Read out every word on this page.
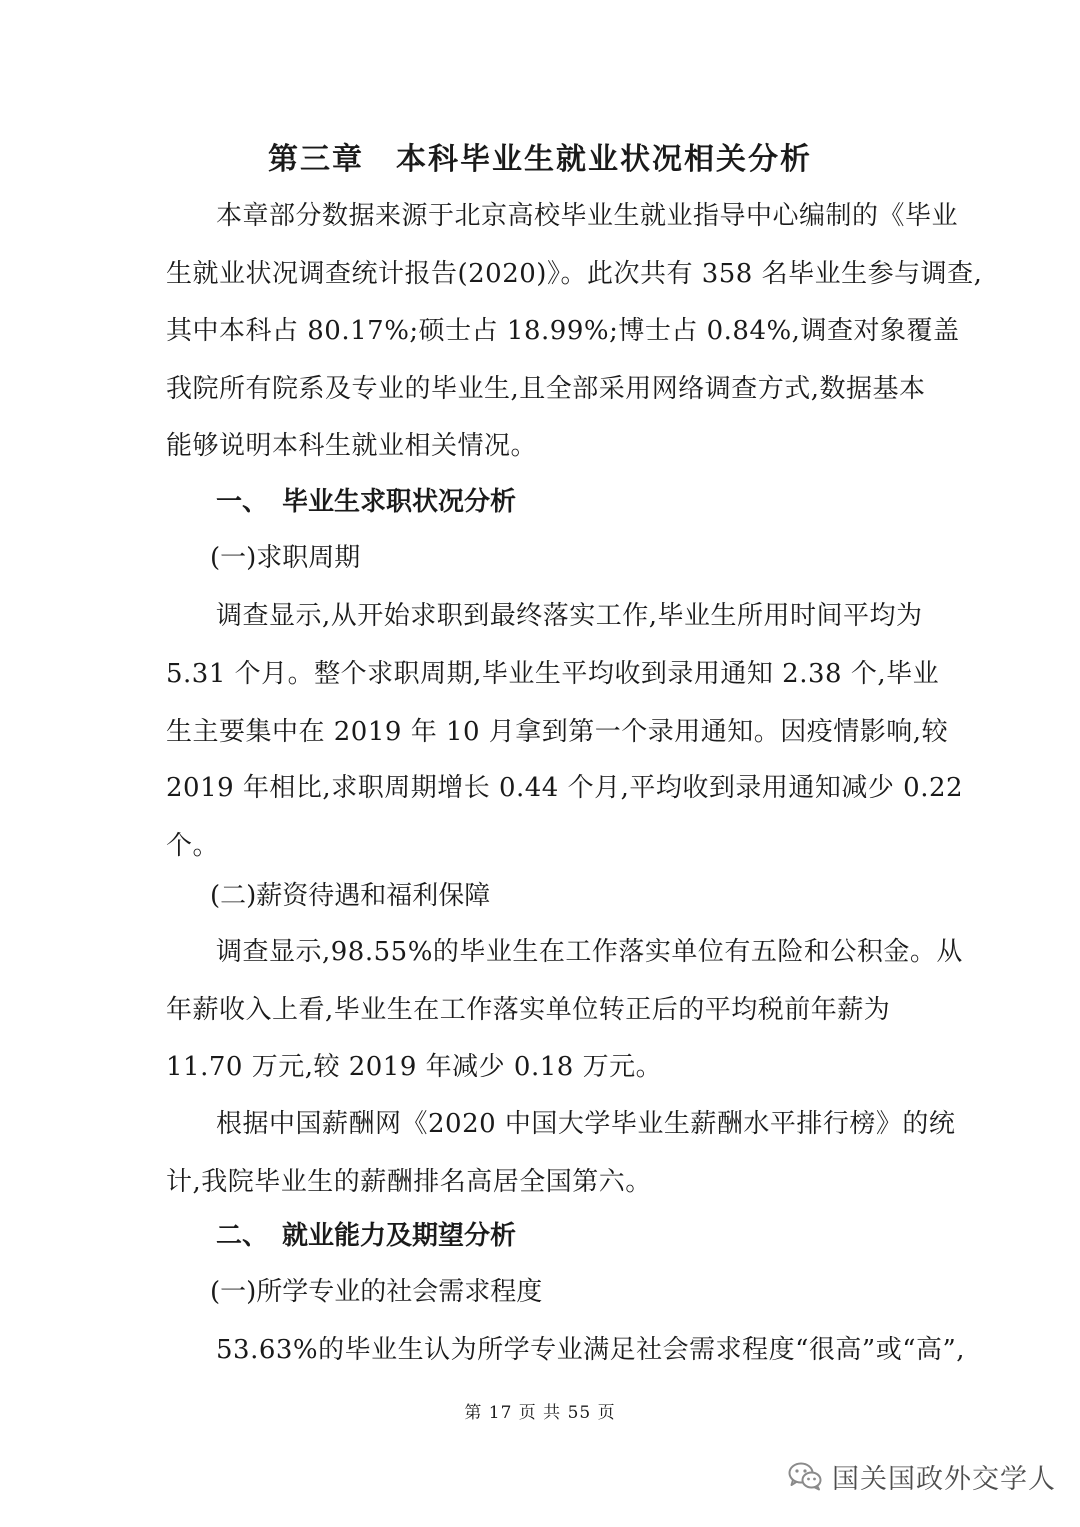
第三章　本科毕业生就业状况相关分析
本章部分数据来源于北京高校毕业生就业指导中心编制的《毕业
生就业状况调查统计报告(2020)》。此次共有 358 名毕业生参与调查,
其中本科占 80.17%;硕士占 18.99%;博士占 0.84%,调查对象覆盖
我院所有院系及专业的毕业生,且全部采用网络调查方式,数据基本
能够说明本科生就业相关情况。
一、 毕业生求职状况分析
(一)求职周期
调查显示,从开始求职到最终落实工作,毕业生所用时间平均为
5.31 个月。整个求职周期,毕业生平均收到录用通知 2.38 个,毕业
生主要集中在 2019 年 10 月拿到第一个录用通知。因疫情影响,较
2019 年相比,求职周期增长 0.44 个月,平均收到录用通知减少 0.22
个。
(二)薪资待遇和福利保障
调查显示,98.55%的毕业生在工作落实单位有五险和公积金。从
年薪收入上看,毕业生在工作落实单位转正后的平均税前年薪为
11.70 万元,较 2019 年减少 0.18 万元。
根据中国薪酬网《2020 中国大学毕业生薪酬水平排行榜》的统
计,我院毕业生的薪酬排名高居全国第六。
二、 就业能力及期望分析
(一)所学专业的社会需求程度
53.63%的毕业生认为所学专业满足社会需求程度“很高”或“高”,
第 17 页 共 55 页
国关国政外交学人
